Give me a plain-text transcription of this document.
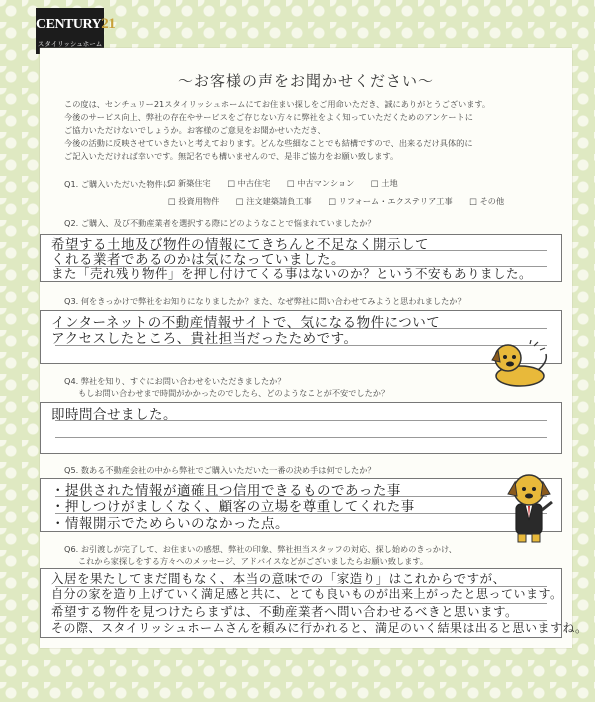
CENTURY21
スタイリッシュホーム
～お客様の声をお聞かせください～
この度は、センチュリー21スタイリッシュホームにてお住まい探しをご用命いただき、誠にありがとうございます。
今後のサービス向上、弊社の存在やサービスをご存じない方々に弊社をよく知っていただくためのアンケートに
ご協力いただけないでしょうか。お客様のご意見をお聞かせいただき、
今後の活動に反映させていきたいと考えております。どんな些細なことでも結構ですので、出来るだけ具体的に
ご記入いただければ幸いです。無記名でも構いませんので、是非ご協力をお願い致します。
Q1. ご購入いただいた物件に
☑ 新築住宅 □ 中古住宅 □ 中古マンション □ 土地
□ 投資用物件 □ 注文建築請負工事 □ リフォーム・エクステリア工事 □ その他
Q2. ご購入、及び不動産業者を選択する際にどのようなことで悩まれていましたか？
希望する土地及び物件の情報にてきちんと不足なく開示して
くれる業者であるのかは気になっていました。
また「売れ残り物件」を押し付けてくる事はないのか？という不安もありました。
Q3. 何をきっかけで弊社をお知りになりましたか？また、なぜ弊社に問い合わせてみようと思われましたか？
インターネットの不動産情報サイトで、気になる物件について
アクセスしたところ、貴社担当だったためです。
Q4. 弊社を知り、すぐにお問い合わせをいただきましたか？
もしお問い合わせまで時間がかかったのでしたら、どのようなことが不安でしたか？
即時問合せました。
Q5. 数ある不動産会社の中から弊社でご購入いただいた一番の決め手は何でしたか？
・提供された情報が適確且つ信用できるものであった事
・押しつけがましくなく、顧客の立場を尊重してくれた事
・情報開示でためらいのなかった点。
Q6. お引渡しが完了して、お住まいの感想、弊社の印象、弊社担当スタッフの対応、探し始めのきっかけ、
これから家探しをする方々へのメッセージ、アドバイスなどがございましたらお願い致します。
入居を果たしてまだ間もなく、本当の意味での「家造り」はこれからですが、
自分の家を造り上げていく満足感と共に、とても良いものが出来上がったと思っています。
希望する物件を見つけたらまずは、不動産業者へ問い合わせるべきと思います。
その際、スタイリッシュホームさんを頼みに行かれると、満足のいく結果は出ると思いますね。
